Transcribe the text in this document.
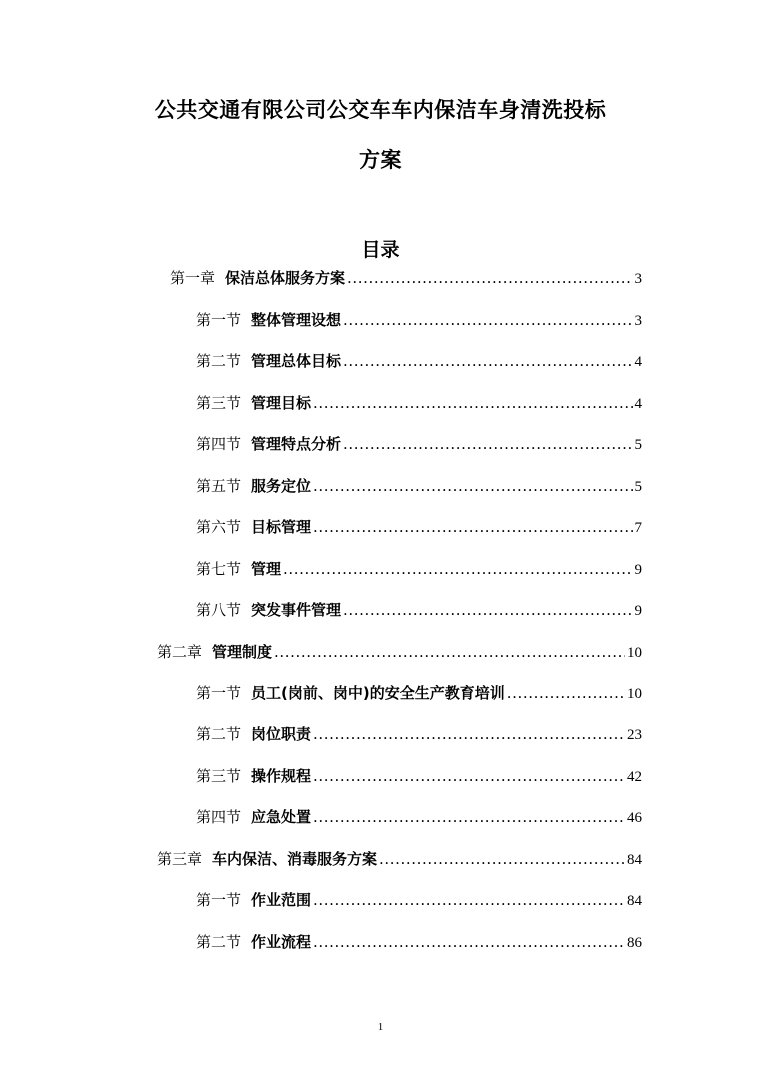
公共交通有限公司公交车车内保洁车身清洗投标
方案
目录
第一章 保洁总体服务方案 .....	3
第一节 整体管理设想 .....	3
第二节 管理总体目标 .....	4
第三节 管理目标 .....	4
第四节 管理特点分析 .....	5
第五节 服务定位 .....	5
第六节 目标管理 .....	7
第七节 管理 .....	9
第八节 突发事件管理 .....	9
第二章 管理制度 .....	10
第一节 员工(岗前、岗中)的安全生产教育培训 .....	10
第二节 岗位职责 .....	23
第三节 操作规程 .....	42
第四节 应急处置 .....	46
第三章 车内保洁、消毒服务方案 .....	84
第一节 作业范围 .....	84
第二节 作业流程 .....	86
1
